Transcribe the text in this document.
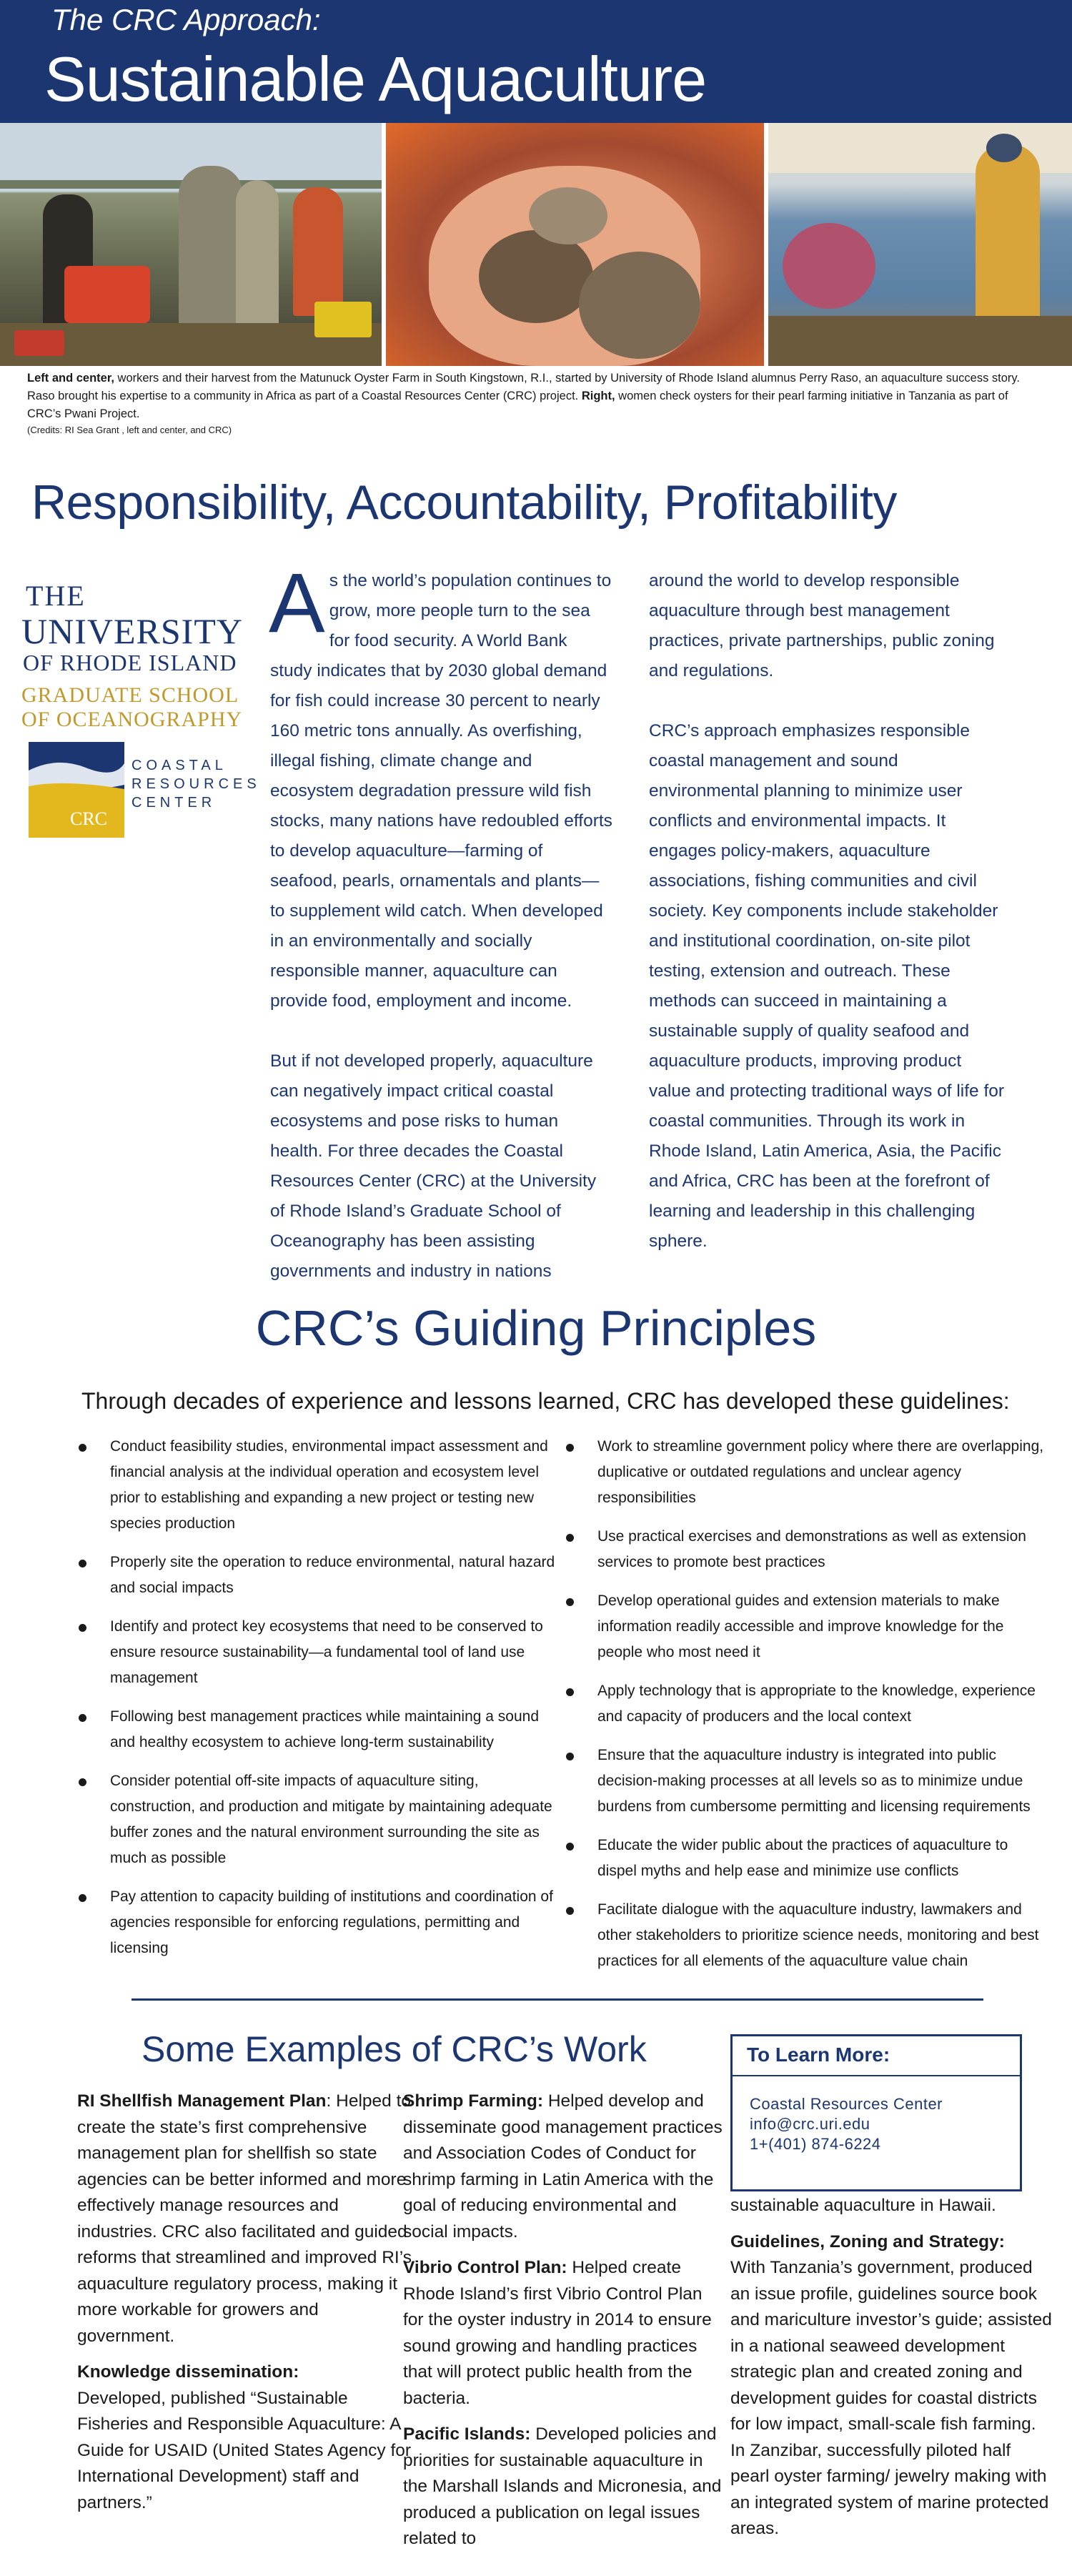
The CRC Approach:
Sustainable Aquaculture
Left and center, workers and their harvest from the Matunuck Oyster Farm in South Kingstown, R.I., started by University of Rhode Island alumnus Perry Raso, an aquaculture success story. Raso brought his expertise to a community in Africa as part of a Coastal Resources Center (CRC) project. Right, women check oysters for their pearl farming initiative in Tanzania as part of CRC’s Pwani Project.
(Credits: RI Sea Grant , left and center, and CRC)
Responsibility, Accountability, Profitability
THE
UNIVERSITY
OF RHODE ISLAND
GRADUATE SCHOOL
OF OCEANOGRAPHY
CRC
COASTAL
RESOURCES
CENTER
As the world’s population continues to grow, more people turn to the sea for food security. A World Bank study indicates that by 2030 global demand for fish could increase 30 percent to nearly 160 metric tons annually. As overfishing, illegal fishing, climate change and ecosystem degradation pressure wild fish stocks, many nations have redoubled efforts to develop aquaculture—farming of seafood, pearls, ornamentals and plants—to supplement wild catch. When developed in an environmentally and socially responsible manner, aquaculture can provide food, employment and income.
But if not developed properly, aquaculture can negatively impact critical coastal ecosystems and pose risks to human health. For three decades the Coastal Resources Center (CRC) at the University of Rhode Island’s Graduate School of Oceanography has been assisting governments and industry in nations
around the world to develop responsible aquaculture through best management practices, private partnerships, public zoning and regulations.
CRC’s approach emphasizes responsible coastal management and sound environmental planning to minimize user conflicts and environmental impacts. It engages policy-makers, aquaculture associations, fishing communities and civil society. Key components include stakeholder and institutional coordination, on-site pilot testing, extension and outreach. These methods can succeed in maintaining a sustainable supply of quality seafood and aquaculture products, improving product value and protecting traditional ways of life for coastal communities. Through its work in Rhode Island, Latin America, Asia, the Pacific and Africa, CRC has been at the forefront of learning and leadership in this challenging sphere.
CRC’s Guiding Principles
Through decades of experience and lessons learned, CRC has developed these guidelines:
Conduct feasibility studies, environmental impact assessment and financial analysis at the individual operation and ecosystem level prior to establishing and expanding a new project or testing new species production
Properly site the operation to reduce environmental, natural hazard and social impacts
Identify and protect key ecosystems that need to be conserved to ensure resource sustainability—a fundamental tool of land use management
Following best management practices while maintaining a sound and healthy ecosystem to achieve long-term sustainability
Consider potential off-site impacts of aquaculture siting, construction, and production and mitigate by maintaining adequate buffer zones and the natural environment surrounding the site as much as possible
Pay attention to capacity building of institutions and coordination of agencies responsible for enforcing regulations, permitting and licensing
Work to streamline government policy where there are overlapping, duplicative or outdated regulations and unclear agency responsibilities
Use practical exercises and demonstrations as well as extension services to promote best practices
Develop operational guides and extension materials to make information readily accessible and improve knowledge for the people who most need it
Apply technology that is appropriate to the knowledge, experience and capacity of producers and the local context
Ensure that the aquaculture industry is integrated into public decision-making processes at all levels so as to minimize undue burdens from cumbersome permitting and licensing requirements
Educate the wider public about the practices of aquaculture to dispel myths and help ease and minimize use conflicts
Facilitate dialogue with the aquaculture industry, lawmakers and other stakeholders to prioritize science needs, monitoring and best practices for all elements of the aquaculture value chain
Some Examples of CRC’s Work	To Learn More:
Coastal Resources Center
info@crc.uri.edu
1+(401) 874-6224
RI Shellfish Management Plan: Helped to create the state’s first comprehensive management plan for shellfish so state agencies can be better informed and more effectively manage resources and industries. CRC also facilitated and guided reforms that streamlined and improved RI’s aquaculture regulatory process, making it more workable for growers and government.
Knowledge dissemination:
Developed, published “Sustainable Fisheries and Responsible Aquaculture: A Guide for USAID (United States Agency for International Development) staff and partners.”
Shrimp Farming: Helped develop and disseminate good management practices and Association Codes of Conduct for shrimp farming in Latin America with the goal of reducing environmental and social impacts.
Vibrio Control Plan: Helped create Rhode Island’s first Vibrio Control Plan for the oyster industry in 2014 to ensure sound growing and handling practices that will protect public health from the bacteria.
Pacific Islands: Developed policies and priorities for sustainable aquaculture in the Marshall Islands and Micronesia, and produced a publication on legal issues related to
sustainable aquaculture in Hawaii.
Guidelines, Zoning and Strategy:
With Tanzania’s government, produced an issue profile, guidelines source book and mariculture investor’s guide; assisted in a national seaweed development strategic plan and created zoning and development guides for coastal districts for low impact, small-scale fish farming. In Zanzibar, successfully piloted half pearl oyster farming/ jewelry making with an integrated system of marine protected areas.
